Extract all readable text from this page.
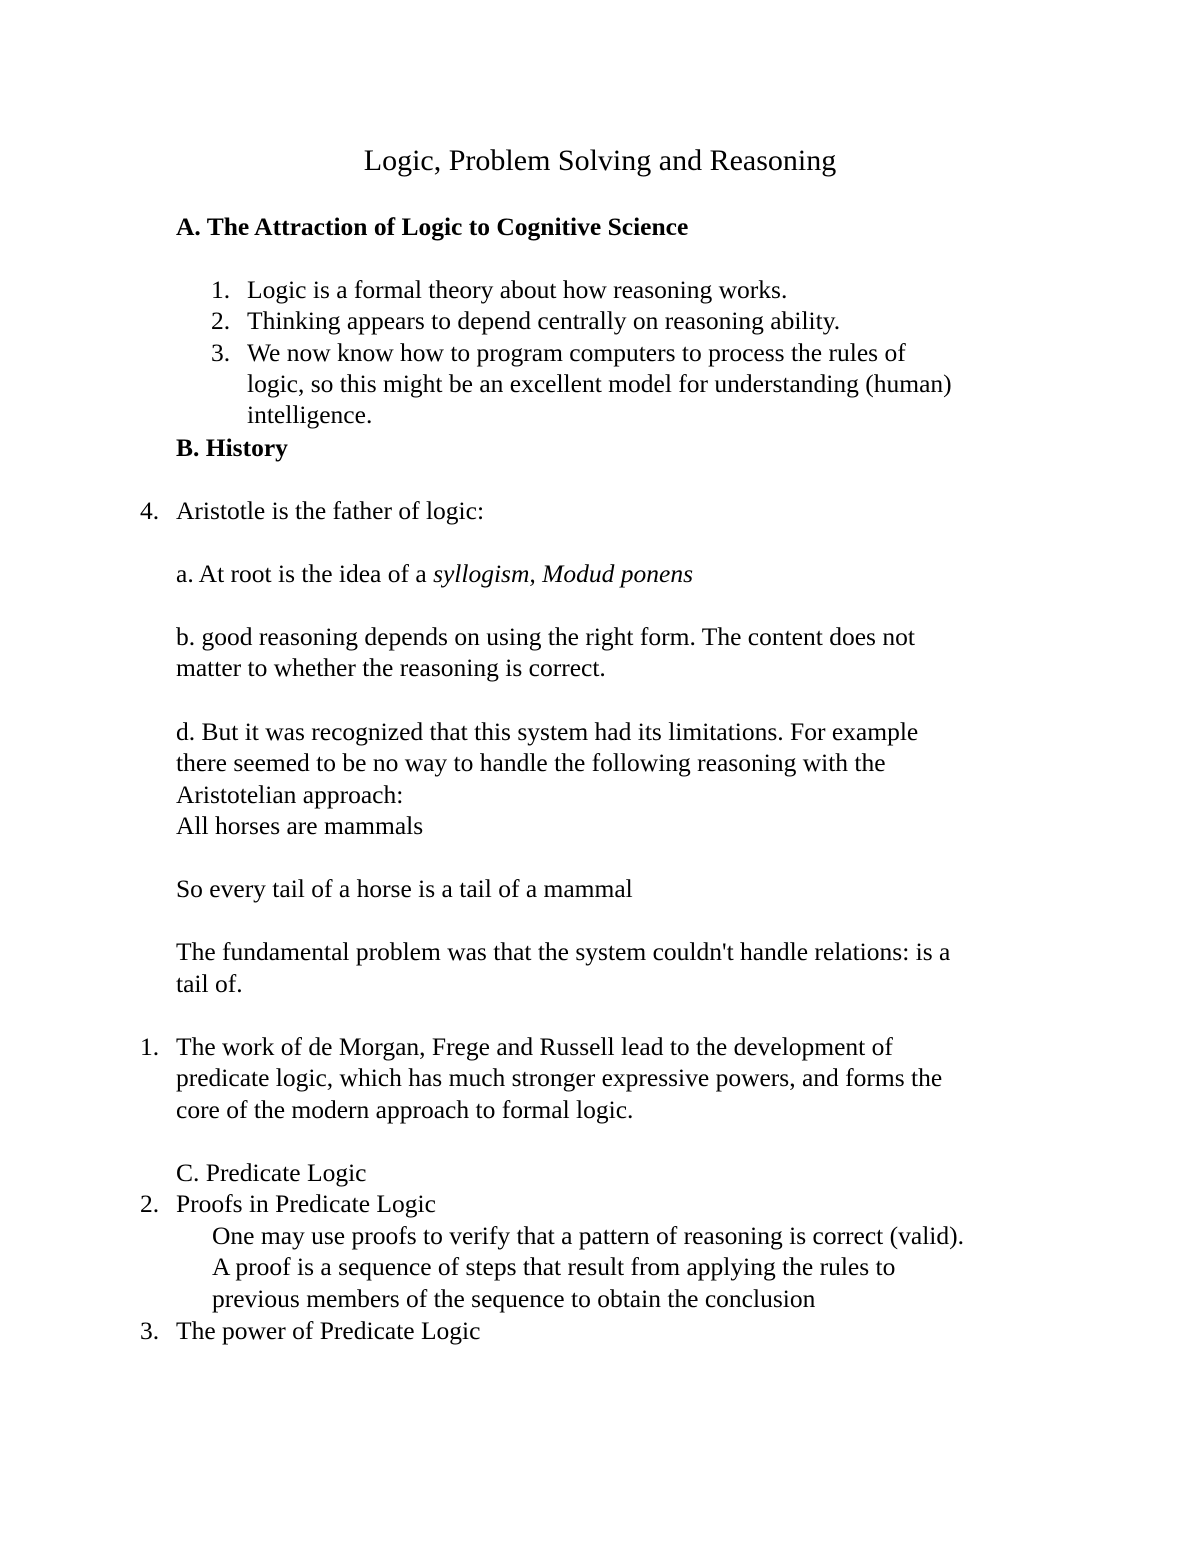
Logic, Problem Solving and Reasoning
A. The Attraction of Logic to Cognitive Science
1. Logic is a formal theory about how reasoning works.
2. Thinking appears to depend centrally on reasoning ability.
3. We now know how to program computers to process the rules of
logic, so this might be an excellent model for understanding (human)
intelligence.
B. History
4. Aristotle is the father of logic:
a. At root is the idea of a syllogism, Modud ponens
b. good reasoning depends on using the right form. The content does not
matter to whether the reasoning is correct.
d. But it was recognized that this system had its limitations. For example
there seemed to be no way to handle the following reasoning with the
Aristotelian approach:
All horses are mammals
So every tail of a horse is a tail of a mammal
The fundamental problem was that the system couldn't handle relations: is a
tail of.
1. The work of de Morgan, Frege and Russell lead to the development of
predicate logic, which has much stronger expressive powers, and forms the
core of the modern approach to formal logic.
C. Predicate Logic
2. Proofs in Predicate Logic
One may use proofs to verify that a pattern of reasoning is correct (valid).
A proof is a sequence of steps that result from applying the rules to
previous members of the sequence to obtain the conclusion
3. The power of Predicate Logic
